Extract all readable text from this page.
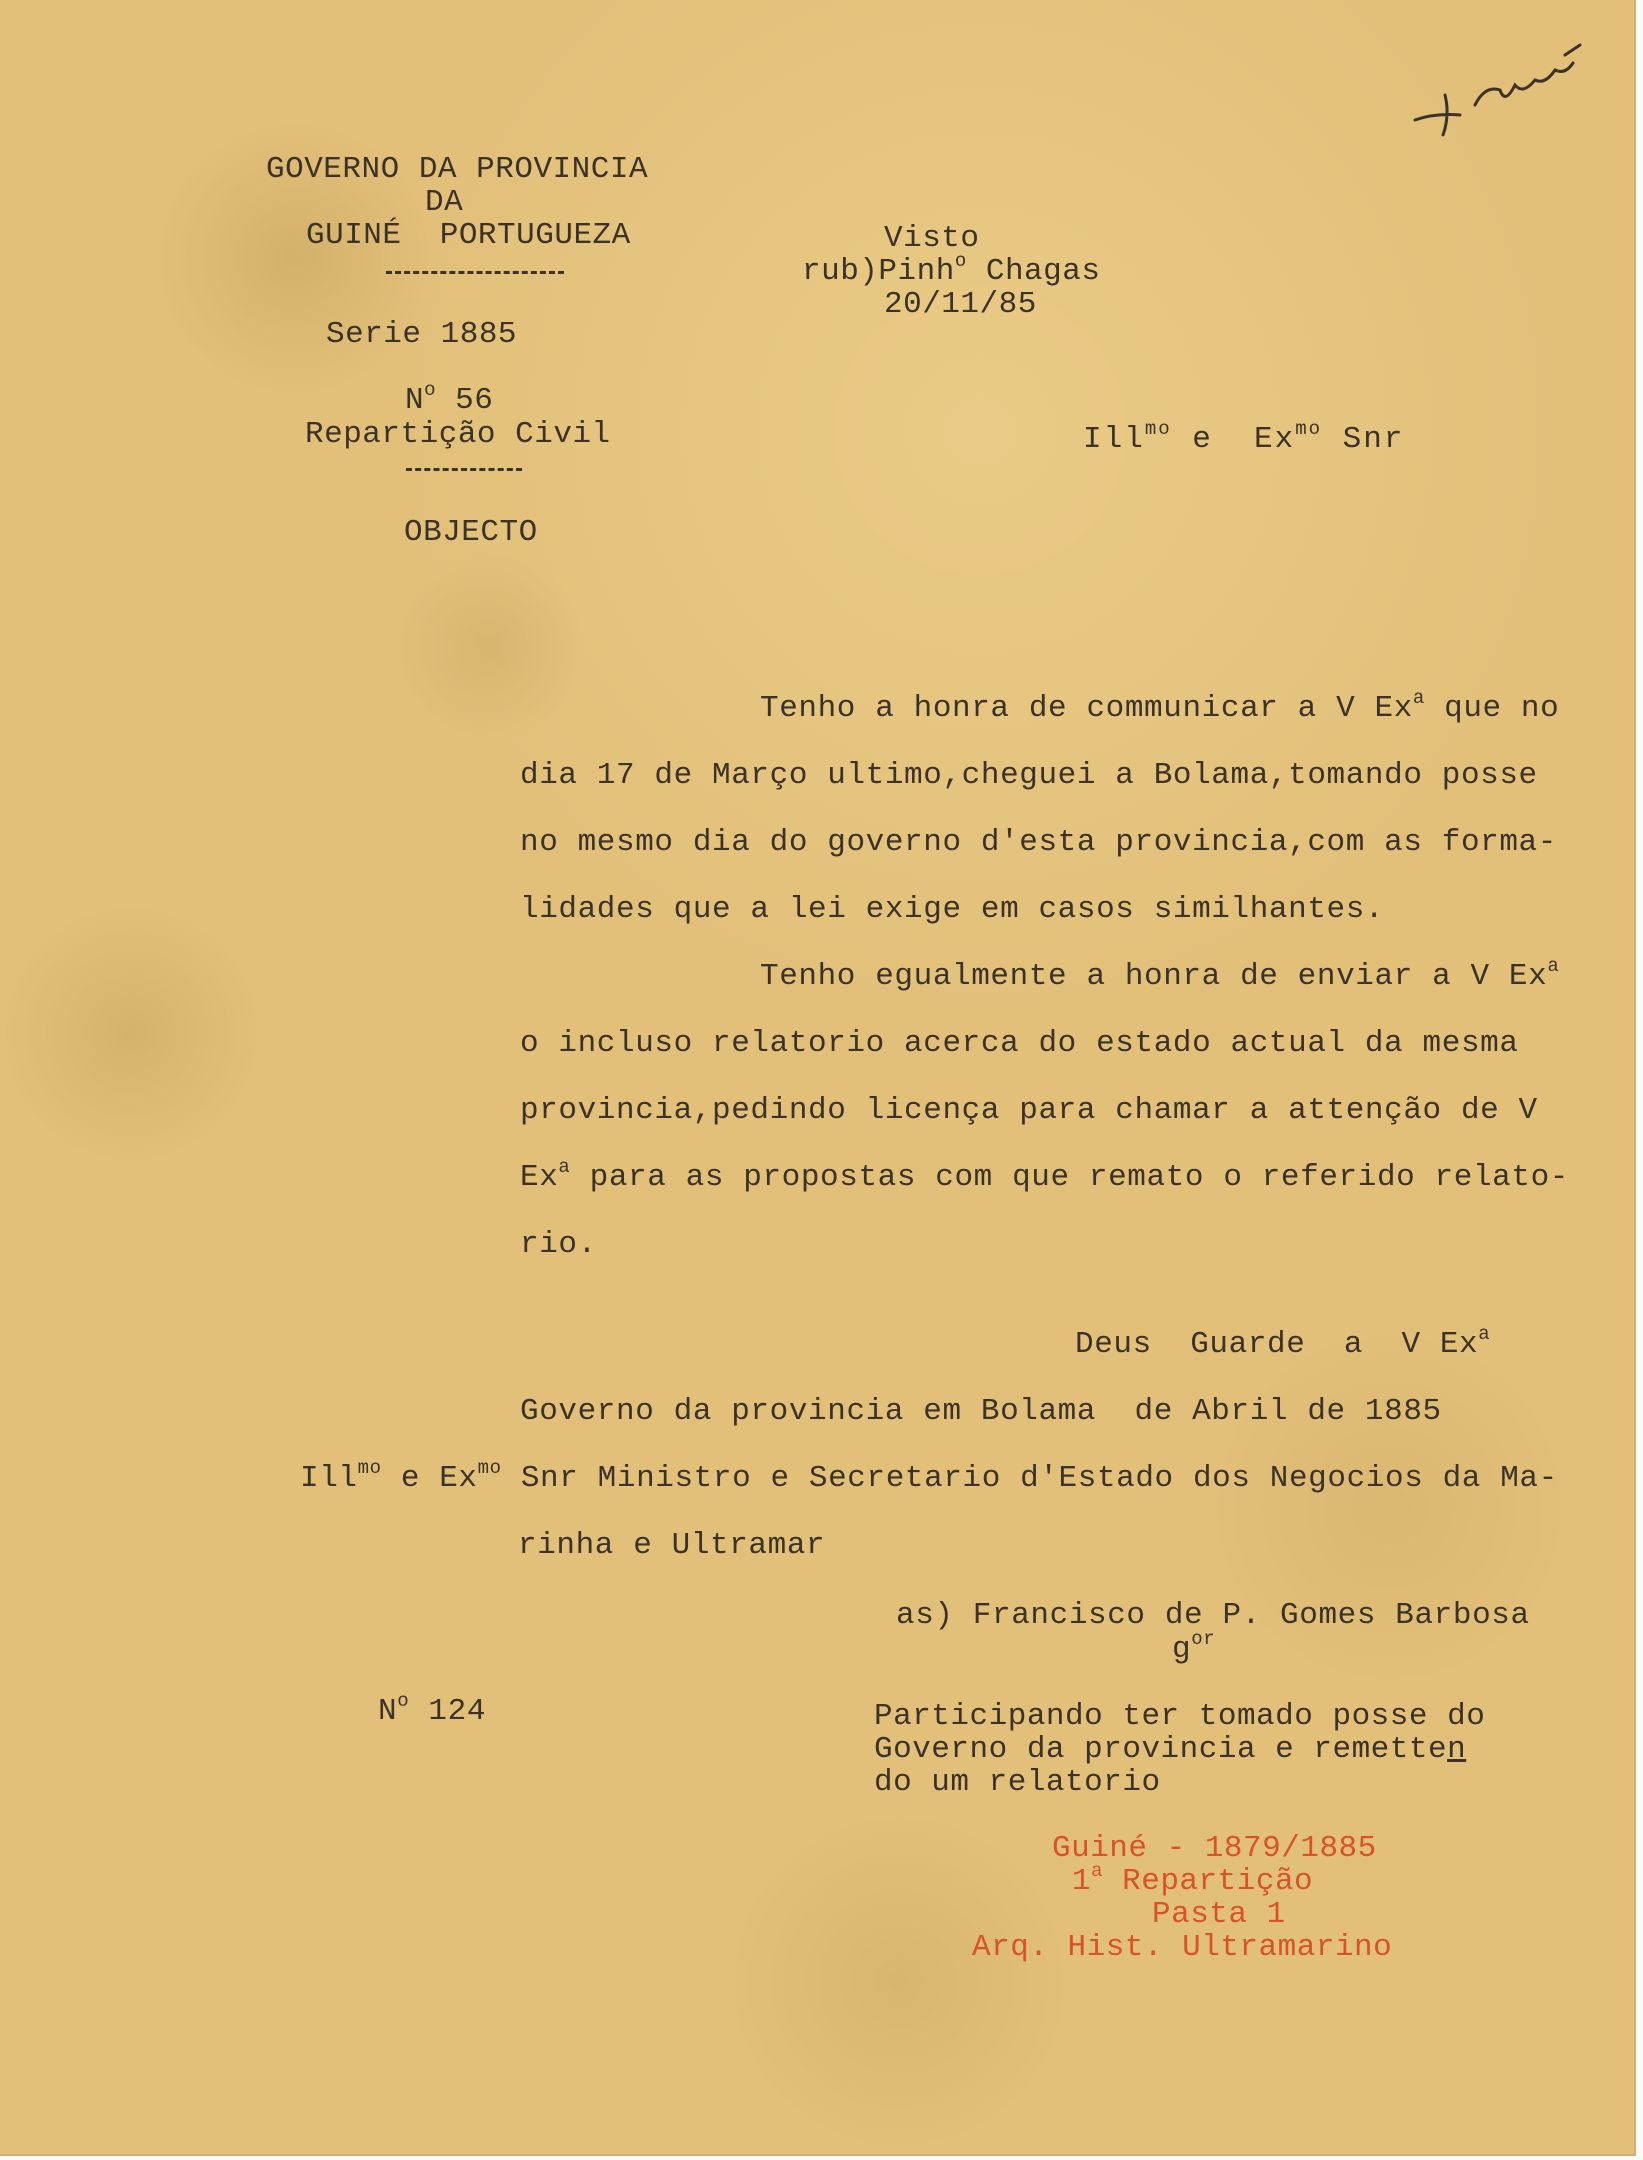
GOVERNO DA PROVINCIA
DA
GUINÉ  PORTUGUEZA
Serie 1885
$N^o$ 56
Repartição Civil
OBJECTO
Visto
rub)Pinh$^o$ Chagas
20/11/85
Ill$^{mo}$ e  $Ex^{mo}$ Snr
Tenho a honra de communicar a V Ex$^a$ que no
dia 17 de Março ultimo,cheguei a Bolama,tomando posse
no mesmo dia do governo d'esta provincia,com as forma-
lidades que a lei exige em casos similhantes.
Tenho egualmente a honra de enviar a V Ex$^a$
o incluso relatorio acerca do estado actual da mesma
provincia,pedindo licença para chamar a attenção de V
Ex$^a$ para as propostas com que remato o referido relato-
rio.
Deus  Guarde  a  V Ex$^a$
Governo da provincia em Bolama  de Abril de 1885
Ill$^{mo}$ e $Ex^{mo}$ Snr Ministro e Secretario d'Estado dos Negocios da Ma-
rinha e Ultramar
as) Francisco de P. Gomes Barbosa
$g^{or}$
$N^o$ 124	Participando ter tomado posse do
Governo da provincia e remetten
do um relatorio
Guiné - 1879/1885
1$^a$ Repartição
Pasta 1
Arq. Hist. Ultramarino
